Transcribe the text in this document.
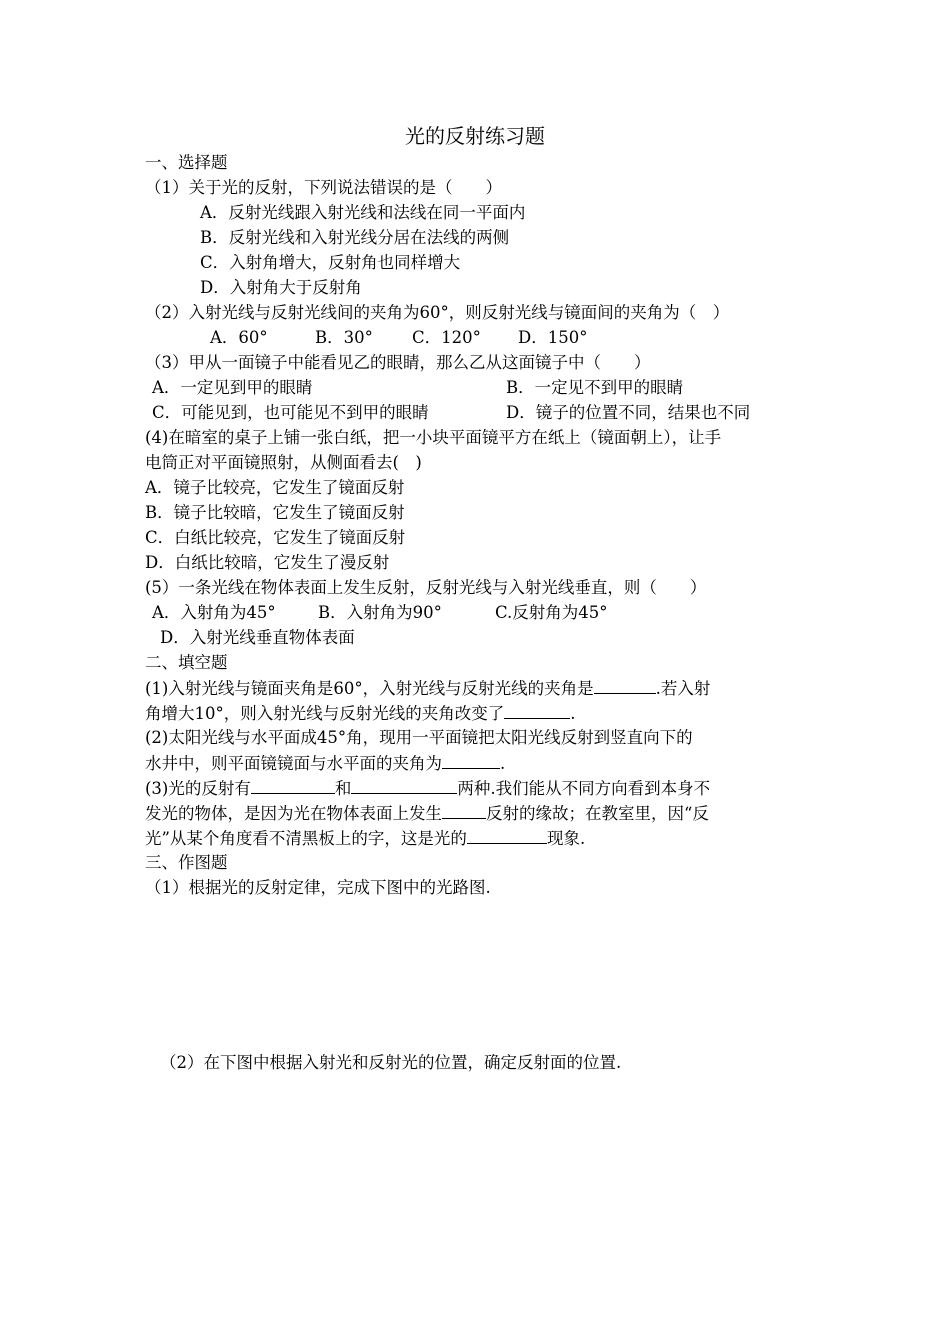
光的反射练习题
一、选择题
（1）关于光的反射，下列说法错误的是（　　）
A．反射光线跟入射光线和法线在同一平面内
B．反射光线和入射光线分居在法线的两侧
C．入射角增大，反射角也同样增大
D．入射角大于反射角
（2）入射光线与反射光线间的夹角为60°，则反射光线与镜面间的夹角为（　）
A．60°	B．30° C．120° D．150°
（3）甲从一面镜子中能看见乙的眼睛，那么乙从这面镜子中（　　）
A．一定见到甲的眼睛	B．一定见不到甲的眼睛
C．可能见到，也可能见不到甲的眼睛	D．镜子的位置不同，结果也不同
(4)在暗室的桌子上铺一张白纸，把一小块平面镜平方在纸上（镜面朝上），让手
电筒正对平面镜照射，从侧面看去(　)
A．镜子比较亮，它发生了镜面反射
B．镜子比较暗，它发生了镜面反射
C．白纸比较亮，它发生了镜面反射
D．白纸比较暗，它发生了漫反射
(5）一条光线在物体表面上发生反射，反射光线与入射光线垂直，则（　　）
A．入射角为45°	B．入射角为90°	C.反射角为45°
D．入射光线垂直物体表面
二、填空题
(1)入射光线与镜面夹角是60°，入射光线与反射光线的夹角是	.若入射
角增大10°，则入射光线与反射光线的夹角改变了	.
(2)太阳光线与水平面成45°角，现用一平面镜把太阳光线反射到竖直向下的
水井中，则平面镜镜面与水平面的夹角为	.
(3)光的反射有	和	两种.我们能从不同方向看到本身不
发光的物体，是因为光在物体表面上发生	反射的缘故；在教室里，因“反
光”从某个角度看不清黑板上的字，这是光的	现象.
三、作图题
（1）根据光的反射定律，完成下图中的光路图.
（2）在下图中根据入射光和反射光的位置，确定反射面的位置.
